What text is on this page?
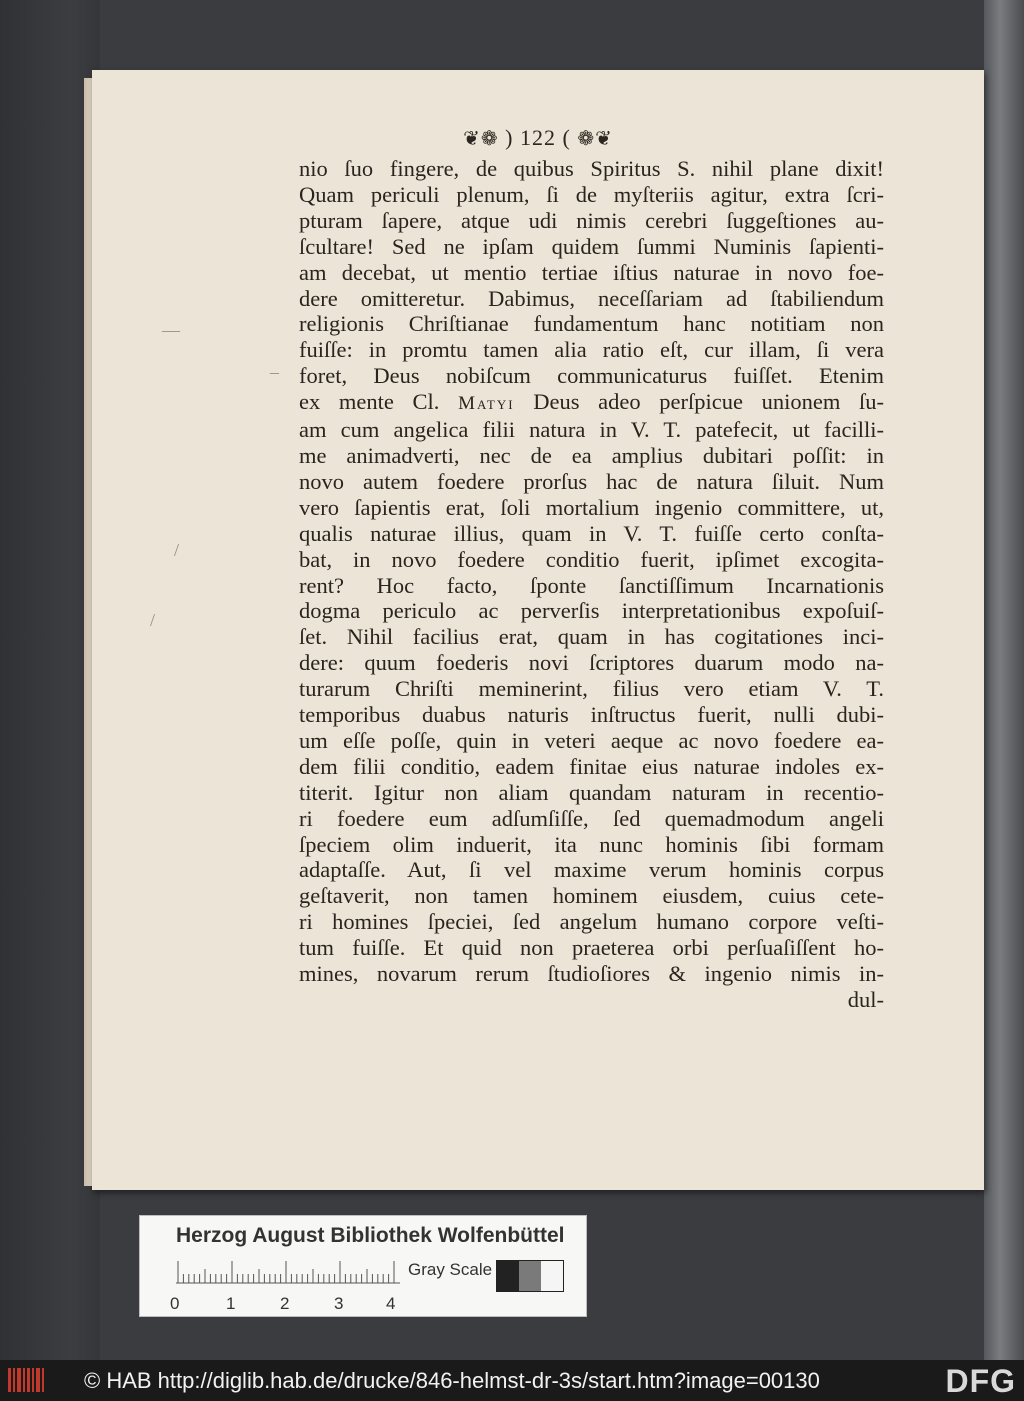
❦❁ ) 122 ( ❁❦
—
–
/
/
nio ſuo fingere, de quibus Spiritus S. nihil plane dixit!
Quam periculi plenum, ſi de myſteriis agitur, extra ſcri-
pturam ſapere, atque udi nimis cerebri ſuggeſtiones au-
ſcultare! Sed ne ipſam quidem ſummi Numinis ſapienti-
am decebat, ut mentio tertiae iſtius naturae in novo foe-
dere omitteretur. Dabimus, neceſſariam ad ſtabiliendum
religionis Chriſtianae fundamentum hanc notitiam non
fuiſſe: in promtu tamen alia ratio eſt, cur illam, ſi vera
foret, Deus nobiſcum communicaturus fuiſſet. Etenim
ex mente Cl. Matyi Deus adeo perſpicue unionem ſu-
am cum angelica filii natura in V. T. patefecit, ut facilli-
me animadverti, nec de ea amplius dubitari poſſit: in
novo autem foedere prorſus hac de natura ſiluit. Num
vero ſapientis erat, ſoli mortalium ingenio committere, ut,
qualis naturae illius, quam in V. T. fuiſſe certo conſta-
bat, in novo foedere conditio fuerit, ipſimet excogita-
rent? Hoc facto, ſponte ſanctiſſimum Incarnationis
dogma periculo ac perverſis interpretationibus expoſuiſ-
ſet. Nihil facilius erat, quam in has cogitationes inci-
dere: quum foederis novi ſcriptores duarum modo na-
turarum Chriſti meminerint, filius vero etiam V. T.
temporibus duabus naturis inſtructus fuerit, nulli dubi-
um eſſe poſſe, quin in veteri aeque ac novo foedere ea-
dem filii conditio, eadem finitae eius naturae indoles ex-
titerit. Igitur non aliam quandam naturam in recentio-
ri foedere eum adſumſiſſe, ſed quemadmodum angeli
ſpeciem olim induerit, ita nunc hominis ſibi formam
adaptaſſe. Aut, ſi vel maxime verum hominis corpus
geſtaverit, non tamen hominem eiusdem, cuius cete-
ri homines ſpeciei, ſed angelum humano corpore veſti-
tum fuiſſe. Et quid non praeterea orbi perſuaſiſſent ho-
mines, novarum rerum ſtudioſiores & ingenio nimis in-
dul-
Herzog August Bibliothek Wolfenbüttel
0	1	2	3	4
Gray Scale
© HAB http://diglib.hab.de/drucke/846-helmst-dr-3s/start.htm?image=00130	DFG
